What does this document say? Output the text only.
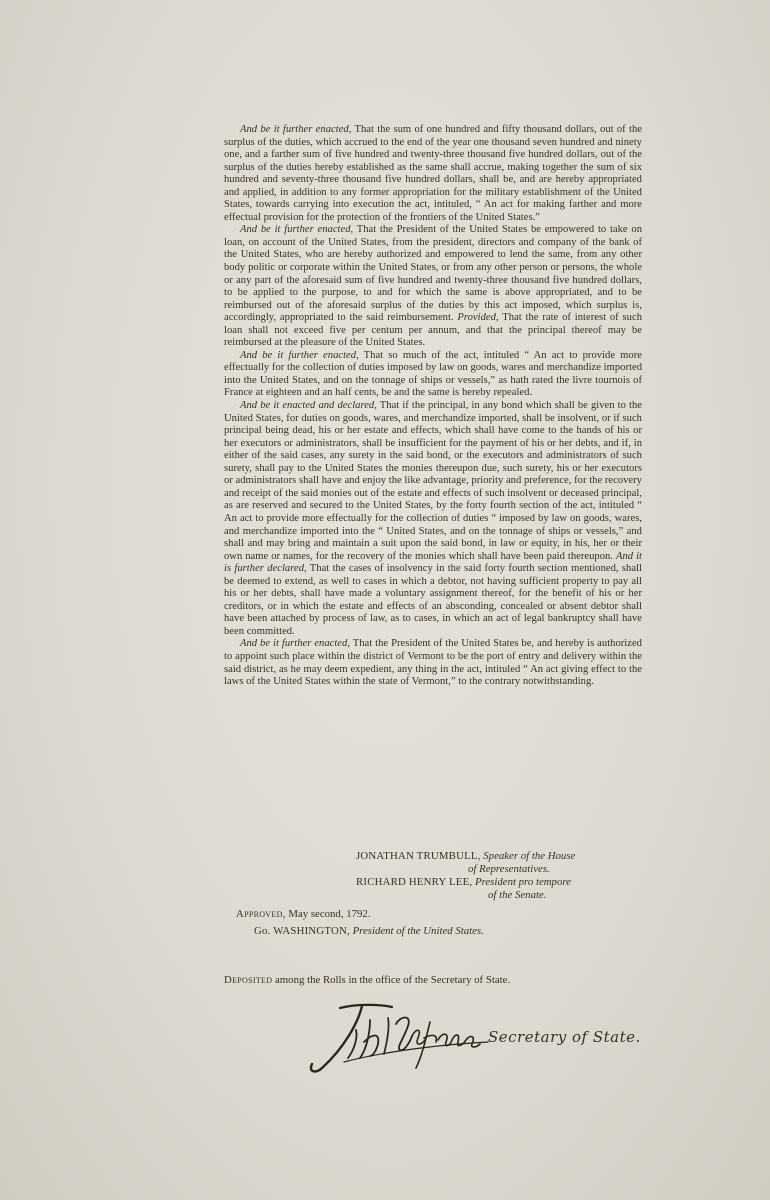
And be it further enacted, That the sum of one hundred and fifty thousand dollars, out of the surplus of the duties, which accrued to the end of the year one thousand seven hundred and ninety one, and a farther sum of five hundred and twenty-three thousand five hundred dollars, out of the surplus of the duties hereby established as the same shall accrue, making together the sum of six hundred and seventy-three thousand five hundred dollars, shall be, and are hereby appropriated and applied, in addition to any former appropriation for the military establishment of the United States, towards carrying into execution the act, intituled, “ An act for making farther and more effectual provision for the protection of the frontiers of the United States.”

And be it further enacted, That the President of the United States be empowered to take on loan, on account of the United States, from the president, directors and company of the bank of the United States, who are hereby authorized and empowered to lend the same, from any other body politic or corporate within the United States, or from any other person or persons, the whole or any part of the aforesaid sum of five hundred and twenty-three thousand five hundred dollars, to be applied to the purpose, to and for which the same is above appropriated, and to be reimbursed out of the aforesaid surplus of the duties by this act imposed, which surplus is, accordingly, appropriated to the said reimbursement. Provided, That the rate of interest of such loan shall not exceed five per centum per annum, and that the principal thereof may be reimbursed at the pleasure of the United States.

And be it further enacted, That so much of the act, intituled “ An act to provide more effectually for the collection of duties imposed by law on goods, wares and merchandize imported into the United States, and on the tonnage of ships or vessels,” as hath rated the livre tournois of France at eighteen and an half cents, be and the same is hereby repealed.

And be it enacted and declared, That if the principal, in any bond which shall be given to the United States, for duties on goods, wares, and merchandize imported, shall be insolvent, or if such principal being dead, his or her estate and effects, which shall have come to the hands of his or her executors or administrators, shall be insufficient for the payment of his or her debts, and if, in either of the said cases, any surety in the said bond, or the executors and administrators of such surety, shall pay to the United States the monies thereupon due, such surety, his or her executors or administrators shall have and enjoy the like advantage, priority and preference, for the recovery and receipt of the said monies out of the estate and effects of such insolvent or deceased principal, as are reserved and secured to the United States, by the forty fourth section of the act, intituled “ An act to provide more effectually for the collection of duties “ imposed by law on goods, wares, and merchandize imported into the “ United States, and on the tonnage of ships or vessels,” and shall and may bring and maintain a suit upon the said bond, in law or equity, in his, her or their own name or names, for the recovery of the monies which shall have been paid thereupon. And it is further declared, That the cases of insolvency in the said forty fourth section mentioned, shall be deemed to extend, as well to cases in which a debtor, not having sufficient property to pay all his or her debts, shall have made a voluntary assignment thereof, for the benefit of his or her creditors, or in which the estate and effects of an absconding, concealed or absent debtor shall have been attached by process of law, as to cases, in which an act of legal bankruptcy shall have been committed.

And be it further enacted, That the President of the United States be, and hereby is authorized to appoint such place within the district of Vermont to be the port of entry and delivery within the said district, as he may deem expedient, any thing in the act, intituled “ An act giving effect to the laws of the United States within the state of Vermont,” to the contrary notwithstanding.

JONATHAN TRUMBULL, Speaker of the House

of Representatives.

RICHARD HENRY LEE, President pro tempore

of the Senate.

Approved, May second, 1792.

Go. WASHINGTON, President of the United States.

Deposited among the Rolls in the office of the Secretary of State.
Secretary of State.
